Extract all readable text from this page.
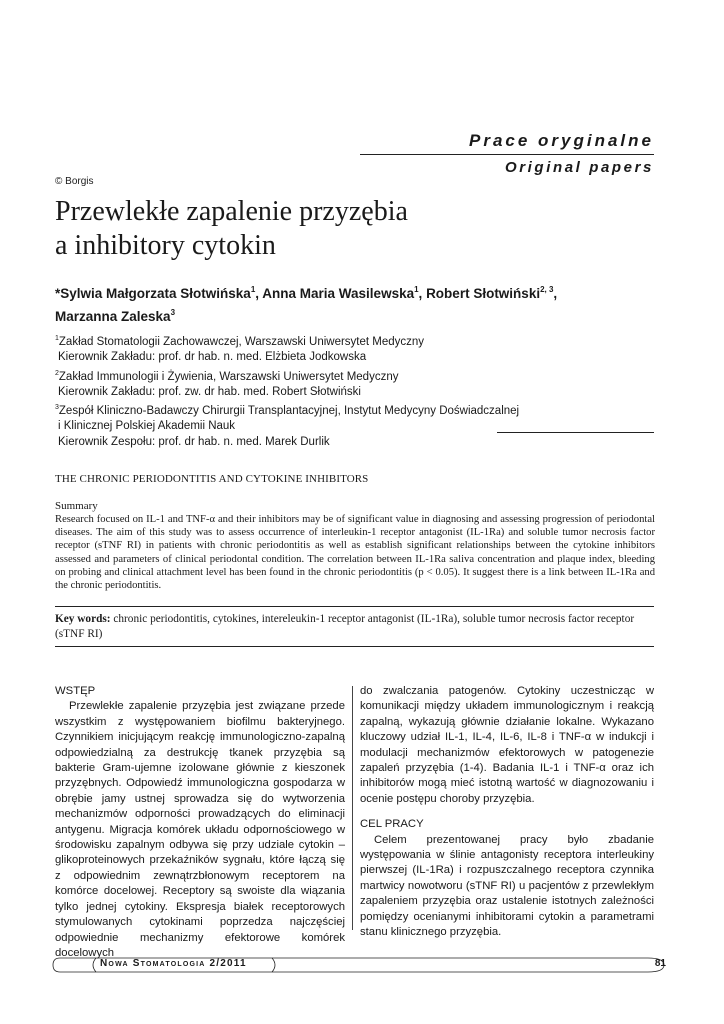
Prace oryginalne
Original papers
© Borgis
Przewlekłe zapalenie przyzębia
a inhibitory cytokin
*Sylwia Małgorzata Słotwińska$^1$, Anna Maria Wasilewska$^1$, Robert Słotwiński$^{2, 3}$,
Marzanna Zaleska$^3$
$^1$Zakład Stomatologii Zachowawczej, Warszawski Uniwersytet Medyczny
Kierownik Zakładu: prof. dr hab. n. med. Elżbieta Jodkowska
$^2$Zakład Immunologii i Żywienia, Warszawski Uniwersytet Medyczny
Kierownik Zakładu: prof. zw. dr hab. med. Robert Słotwiński
$^3$Zespół Kliniczno-Badawczy Chirurgii Transplantacyjnej, Instytut Medycyny Doświadczalnej
i Klinicznej Polskiej Akademii Nauk
Kierownik Zespołu: prof. dr hab. n. med. Marek Durlik
THE CHRONIC PERIODONTITIS AND CYTOKINE INHIBITORS
Summary
Research focused on IL-1 and TNF-α and their inhibitors may be of significant value in diagnosing and assessing progression of periodontal diseases. The aim of this study was to assess occurrence of interleukin-1 receptor antagonist (IL-1Ra) and soluble tumor necrosis factor receptor (sTNF RI) in patients with chronic periodontitis as well as establish significant relationships between the cytokine inhibitors assessed and parameters of clinical periodontal condition. The correlation between IL-1Ra saliva concentration and plaque index, bleeding on probing and clinical attachment level has been found in the chronic periodontitis (p < 0.05). It suggest there is a link between IL-1Ra and the chronic periodontitis.
Key words: chronic periodontitis, cytokines, intereleukin-1 receptor antagonist (IL-1Ra), soluble tumor necrosis factor receptor (sTNF RI)
WSTĘP

Przewlekłe zapalenie przyzębia jest związane przede wszystkim z występowaniem biofilmu bakteryjnego. Czynnikiem inicjującym reakcję immunologiczno-zapalną odpowiedzialną za destrukcję tkanek przyzębia są bakterie Gram-ujemne izolowane głównie z kieszonek przyzębnych. Odpowiedź immunologiczna gospodarza w obrębie jamy ustnej sprowadza się do wytworzenia mechanizmów odporności prowadzących do eliminacji antygenu. Migracja komórek układu odpornościowego w środowisku zapalnym odbywa się przy udziale cytokin – glikoproteinowych przekaźników sygnału, które łączą się z odpowiednim zewnątrzbłonowym receptorem na komórce docelowej. Receptory są swoiste dla wiązania tylko jednej cytokiny. Ekspresja białek receptorowych stymulowanych cytokinami poprzedza najczęściej odpowiednie mechanizmy efektorowe komórek docelowych

do zwalczania patogenów. Cytokiny uczestnicząc w komunikacji między układem immunologicznym i reakcją zapalną, wykazują głównie działanie lokalne. Wykazano kluczowy udział IL-1, IL-4, IL-6, IL-8 i TNF-α w indukcji i modulacji mechanizmów efektorowych w patogenezie zapaleń przyzębia (1-4). Badania IL-1 i TNF-α oraz ich inhibitorów mogą mieć istotną wartość w diagnozowaniu i ocenie postępu choroby przyzębia.

CEL PRACY

Celem prezentowanej pracy było zbadanie występowania w ślinie antagonisty receptora interleukiny pierwszej (IL-1Ra) i rozpuszczalnego receptora czynnika martwicy nowotworu (sTNF RI) u pacjentów z przewlekłym zapaleniem przyzębia oraz ustalenie istotnych zależności pomiędzy ocenianymi inhibitorami cytokin a parametrami stanu klinicznego przyzębia.

Nowa Stomatologia 2/2011	81
